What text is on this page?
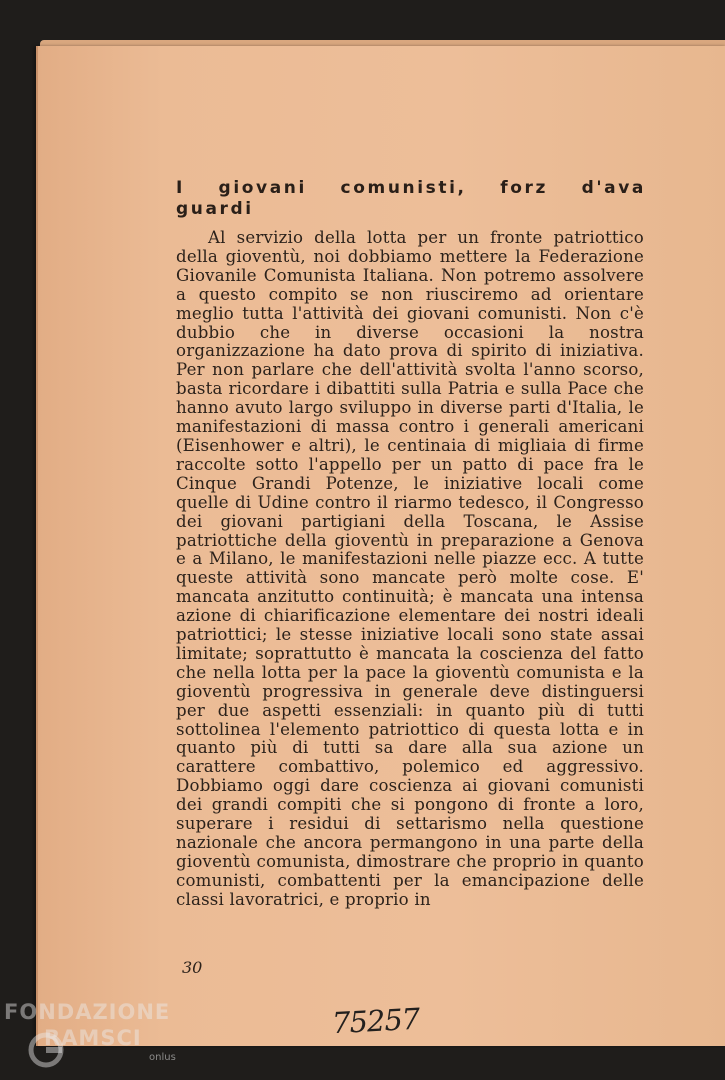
I giovani comunisti, forz d'ava guardi
Al servizio della lotta per un fronte patriottico della gioventù, noi dobbiamo mettere la Federazione Giovanile Comunista Italiana. Non potremo assolvere a questo compito se non riusciremo ad orientare meglio tutta l'attività dei giovani comunisti. Non c'è dubbio che in diverse occasioni la nostra organizzazione ha dato prova di spirito di iniziativa. Per non parlare che dell'attività svolta l'anno scorso, basta ricordare i dibattiti sulla Patria e sulla Pace che hanno avuto largo sviluppo in diverse parti d'Italia, le manifestazioni di massa contro i generali americani (Eisenhower e altri), le centinaia di migliaia di firme raccolte sotto l'appello per un patto di pace fra le Cinque Grandi Potenze, le iniziative locali come quelle di Udine contro il riarmo tedesco, il Congresso dei giovani partigiani della Toscana, le Assise patriottiche della gioventù in preparazione a Genova e a Milano, le manifestazioni nelle piazze ecc. A tutte queste attività sono mancate però molte cose. E' mancata anzitutto continuità; è mancata una intensa azione di chiarificazione elementare dei nostri ideali patriottici; le stesse iniziative locali sono state assai limitate; soprattutto è mancata la coscienza del fatto che nella lotta per la pace la gioventù comunista e la gioventù progressiva in generale deve distinguersi per due aspetti essenziali: in quanto più di tutti sottolinea l'elemento patriottico di questa lotta e in quanto più di tutti sa dare alla sua azione un carattere combattivo, polemico ed aggressivo. Dobbiamo oggi dare coscienza ai giovani comunisti dei grandi compiti che si pongono di fronte a loro, superare i residui di settarismo nella questione nazionale che ancora permangono in una parte della gioventù comunista, dimostrare che proprio in quanto comunisti, combattenti per la emancipazione delle classi lavoratrici, e proprio in
30
75257
FONDAZIONE
RAMSCI
onlus
